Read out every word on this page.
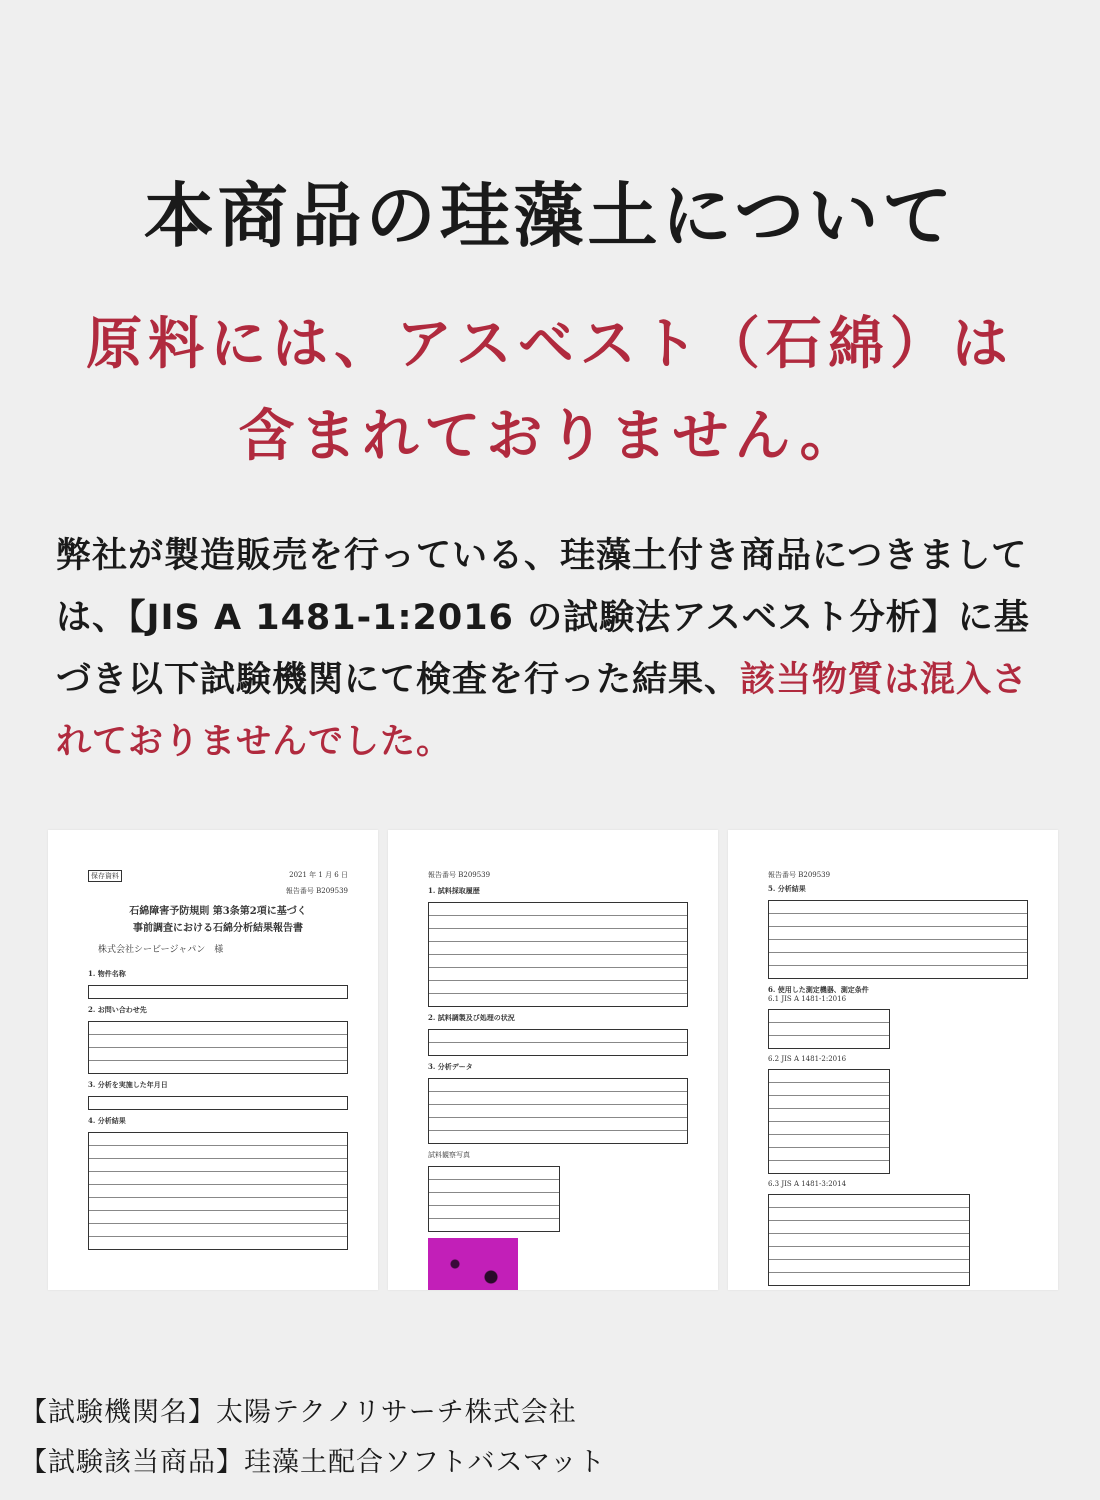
本商品の珪藻土について
原料には、アスベスト（石綿）は
含まれておりません。
弊社が製造販売を行っている、珪藻土付き商品につきましては、【JIS A 1481-1:2016 の試験法アスベスト分析】に基づき以下試験機関にて検査を行った結果、該当物質は混入されておりませんでした。
保存資料	2021 年 1 月 6 日
報告番号 B209539
石綿障害予防規則 第3条第2項に基づく
事前調査における石綿分析結果報告書
株式会社シービージャパン　様
1. 物件名称
2. お問い合わせ先
3. 分析を実施した年月日
4. 分析結果
報告番号 B209539
1. 試料採取履歴
2. 試料調製及び処理の状況
3. 分析データ
試料観察写真
報告番号 B209539
5. 分析結果
6. 使用した測定機器、測定条件
6.1 JIS A 1481-1:2016
6.2 JIS A 1481-2:2016
6.3 JIS A 1481-3:2014
【試験機関名】太陽テクノリサーチ株式会社
【試験該当商品】珪藻土配合ソフトバスマット
